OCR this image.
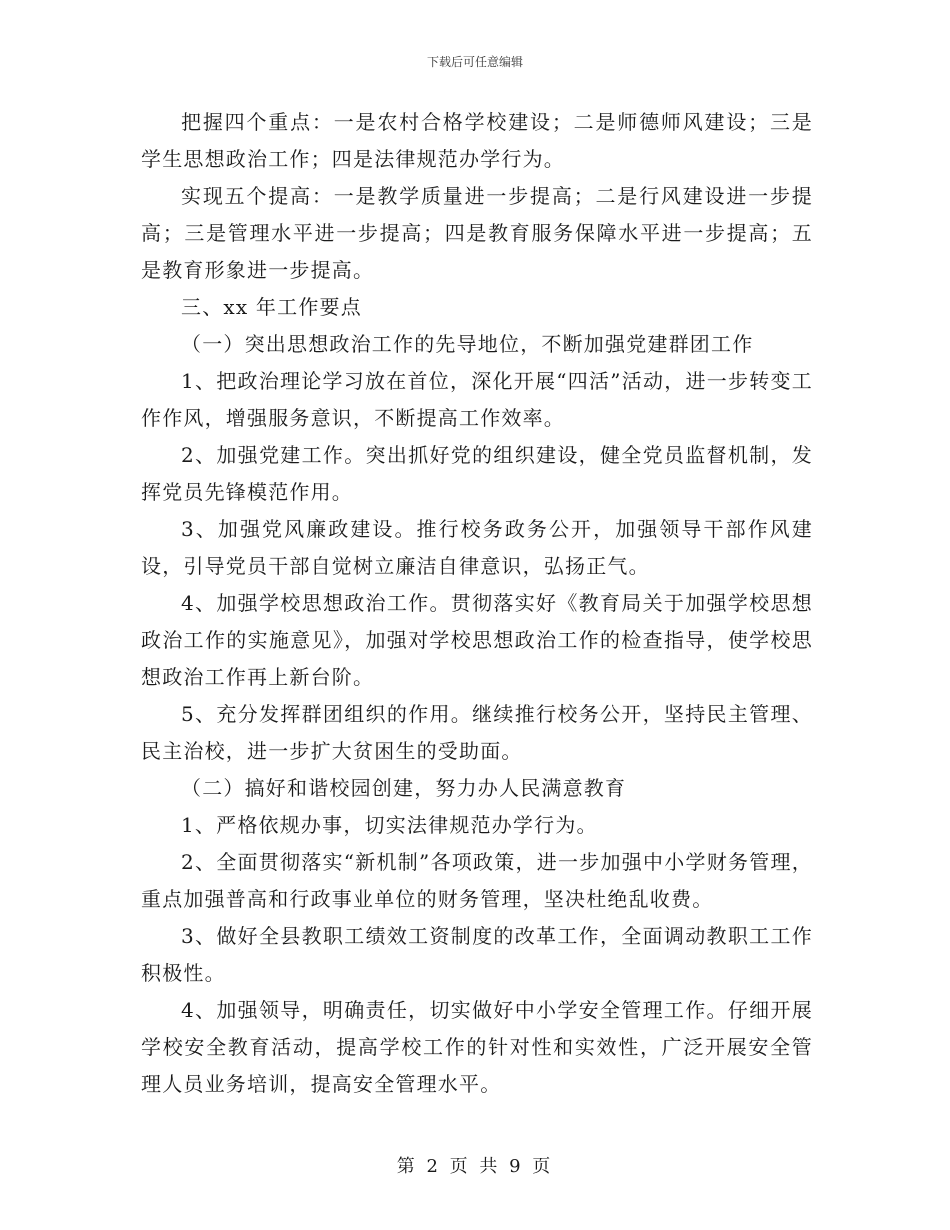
下载后可任意编辑

把握四个重点：一是农村合格学校建设；二是师德师风建设；三是学生思想政治工作；四是法律规范办学行为。

实现五个提高：一是教学质量进一步提高；二是行风建设进一步提高；三是管理水平进一步提高；四是教育服务保障水平进一步提高；五是教育形象进一步提高。

三、xx 年工作要点

（一）突出思想政治工作的先导地位，不断加强党建群团工作

1、把政治理论学习放在首位，深化开展“四活”活动，进一步转变工作作风，增强服务意识，不断提高工作效率。

2、加强党建工作。突出抓好党的组织建设，健全党员监督机制，发挥党员先锋模范作用。

3、加强党风廉政建设。推行校务政务公开，加强领导干部作风建设，引导党员干部自觉树立廉洁自律意识，弘扬正气。

4、加强学校思想政治工作。贯彻落实好《教育局关于加强学校思想政治工作的实施意见》，加强对学校思想政治工作的检查指导，使学校思想政治工作再上新台阶。

5、充分发挥群团组织的作用。继续推行校务公开，坚持民主管理、民主治校，进一步扩大贫困生的受助面。

（二）搞好和谐校园创建，努力办人民满意教育

1、严格依规办事，切实法律规范办学行为。

2、全面贯彻落实“新机制”各项政策，进一步加强中小学财务管理，重点加强普高和行政事业单位的财务管理，坚决杜绝乱收费。

3、做好全县教职工绩效工资制度的改革工作，全面调动教职工工作积极性。

4、加强领导，明确责任，切实做好中小学安全管理工作。仔细开展学校安全教育活动，提高学校工作的针对性和实效性，广泛开展安全管理人员业务培训，提高安全管理水平。

第 2 页 共 9 页
